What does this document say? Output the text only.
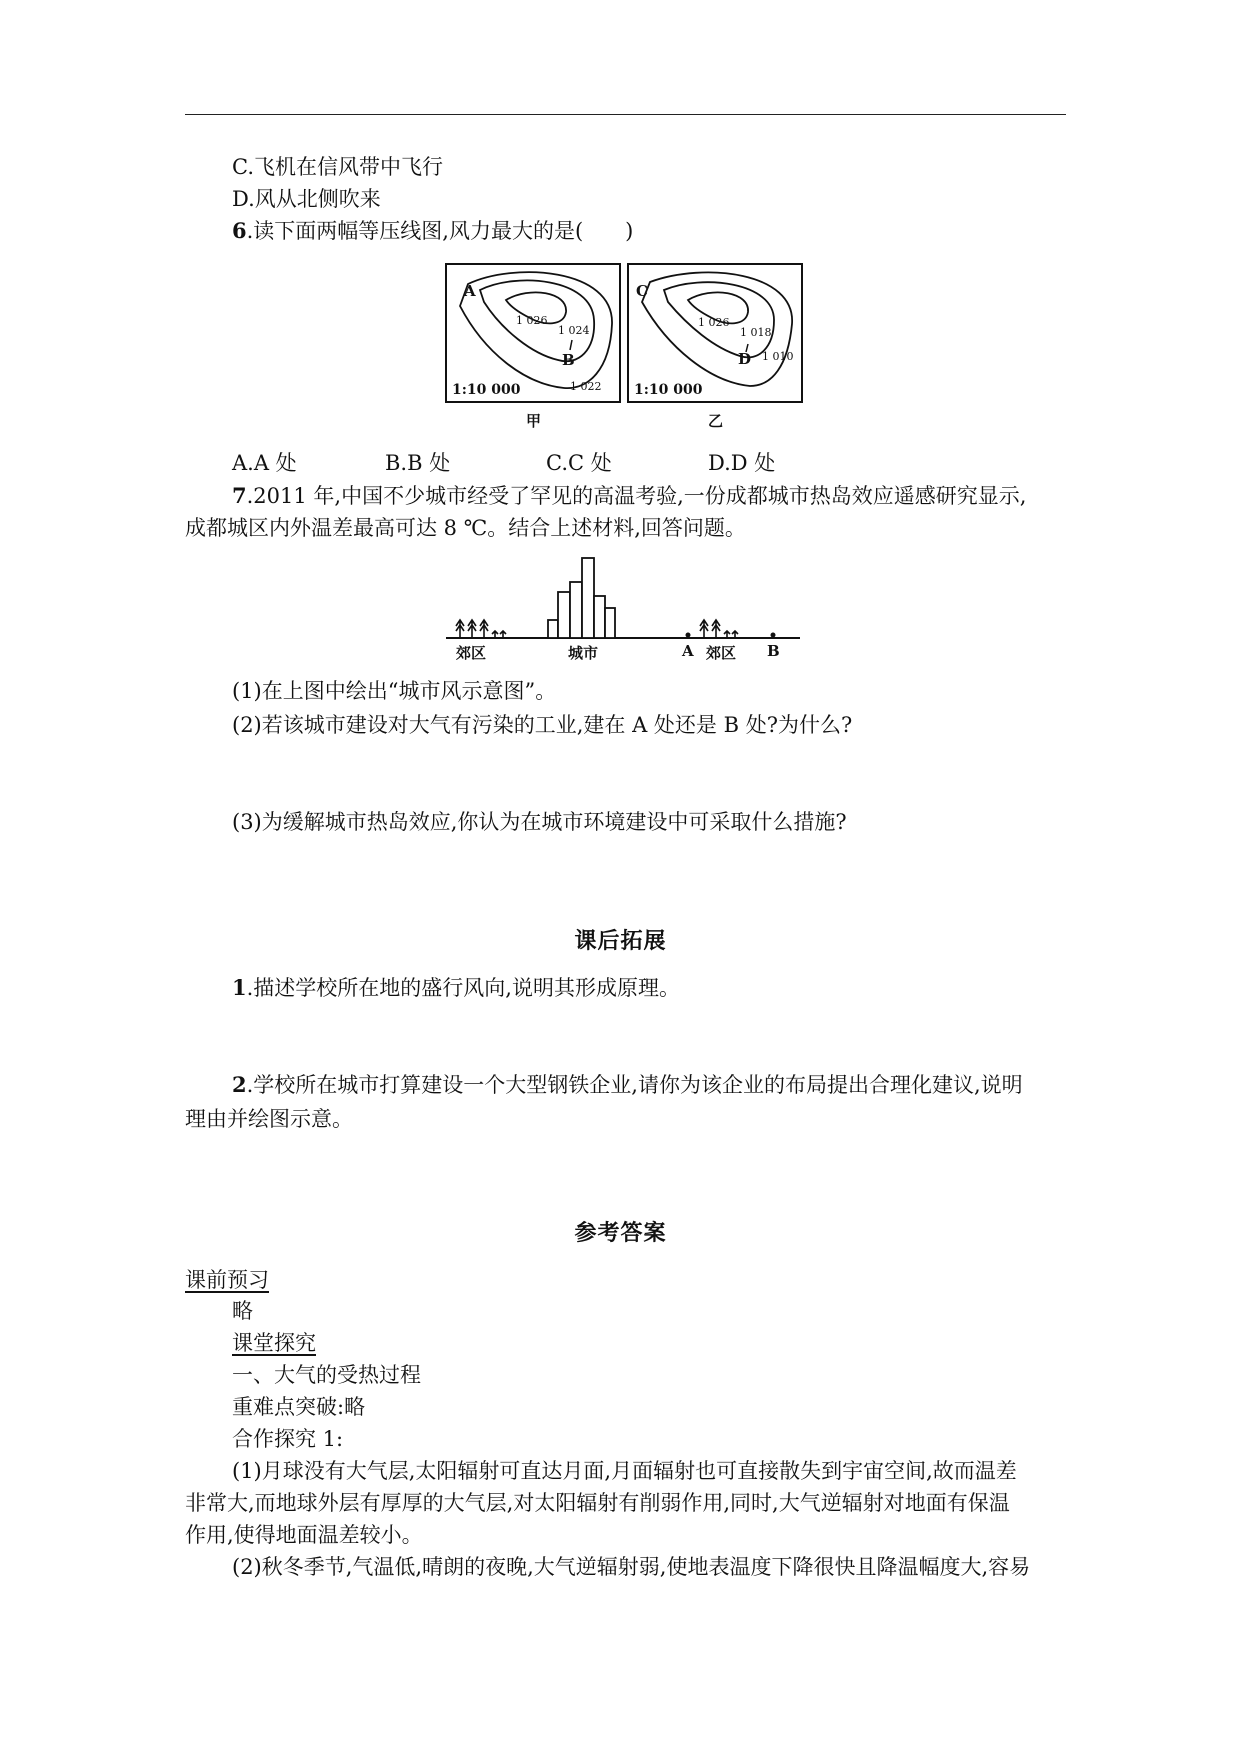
C.飞机在信风带中飞行
D.风从北侧吹来
6.读下面两幅等压线图,风力最大的是(　　)
A
1 026
1 024
B
1 022
1:10 000
甲
C
1 026
1 018
D 1 010
1:10 000
乙
A.A 处	B.B 处	C.C 处	D.D 处
7.2011 年,中国不少城市经受了罕见的高温考验,一份成都城市热岛效应遥感研究显示,
成都城区内外温差最高可达 8 ℃。结合上述材料,回答问题。
郊区	城市	A 郊区 B
(1)在上图中绘出“城市风示意图”。
(2)若该城市建设对大气有污染的工业,建在 A 处还是 B 处?为什么?
(3)为缓解城市热岛效应,你认为在城市环境建设中可采取什么措施?
课后拓展
1.描述学校所在地的盛行风向,说明其形成原理。
2.学校所在城市打算建设一个大型钢铁企业,请你为该企业的布局提出合理化建议,说明
理由并绘图示意。
参考答案
课前预习
略
课堂探究
一、大气的受热过程
重难点突破:略
合作探究 1:
(1)月球没有大气层,太阳辐射可直达月面,月面辐射也可直接散失到宇宙空间,故而温差
非常大,而地球外层有厚厚的大气层,对太阳辐射有削弱作用,同时,大气逆辐射对地面有保温
作用,使得地面温差较小。
(2)秋冬季节,气温低,晴朗的夜晚,大气逆辐射弱,使地表温度下降很快且降温幅度大,容易
